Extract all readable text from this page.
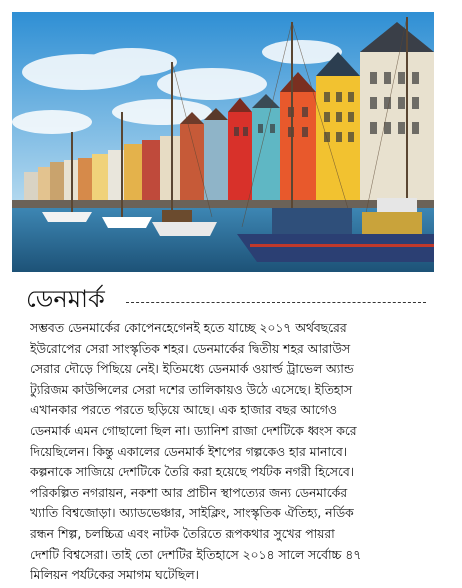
ডেনমার্ক
সম্ভবত ডেনমার্কের কোপেনহেগেনই হতে যাচ্ছে ২০১৭ অর্থবছরের
ইউরোপের সেরা সাংস্কৃতিক শহর। ডেনমার্কের দ্বিতীয় শহর আরাউস
সেরার দৌড়ে পিছিয়ে নেই। ইতিমধ্যে ডেনমার্ক ওয়ার্ল্ড ট্রাভেল অ্যান্ড
ট্যুরিজম কাউন্সিলের সেরা দশের তালিকায়ও উঠে এসেছে। ইতিহাস
এখানকার পরতে পরতে ছড়িয়ে আছে। এক হাজার বছর আগেও
ডেনমার্ক এমন গোছালো ছিল না। ড্যানিশ রাজা দেশটিকে ধ্বংস করে
দিয়েছিলেন। কিন্তু একালের ডেনমার্ক ইশপের গল্পকেও হার মানাবে।
কল্পনাকে সাজিয়ে দেশটিকে তৈরি করা হয়েছে পর্যটক নগরী হিসেবে।
পরিকল্পিত নগরায়ন, নকশা আর প্রাচীন স্থাপত্যের জন্য ডেনমার্কের
খ্যাতি বিশ্বজোড়া। অ্যাডভেঞ্চার, সাইক্লিং, সাংস্কৃতিক ঐতিহ্য, নর্ডিক
রন্ধন শিল্প, চলচ্চিত্র এবং নাটক তৈরিতে রূপকথার সুখের পায়রা
দেশটি বিশ্বসেরা। তাই তো দেশটির ইতিহাসে ২০১৪ সালে সর্বোচ্চ ৪৭
মিলিয়ন পর্যটকের সমাগম ঘটেছিল।
